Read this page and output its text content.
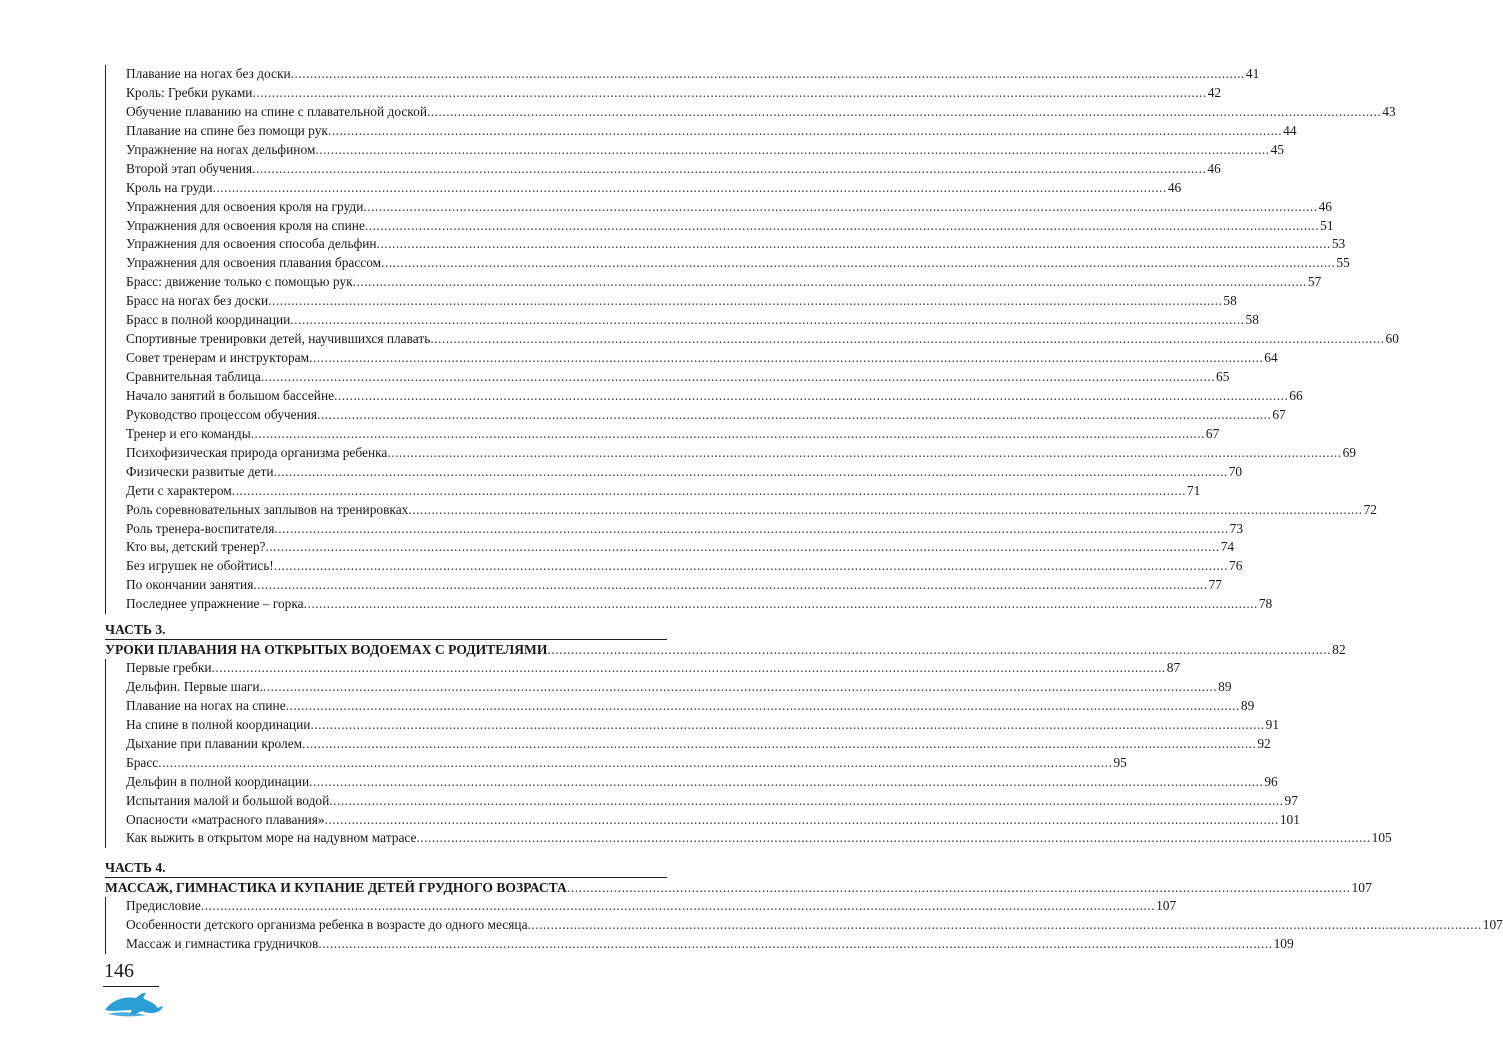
Плавание на ногах без доски .....	41
Кроль: Гребки руками .....	42
Обучение плаванию на спине с плавательной доской .....	43
Плавание на спине без помощи рук .....	44
Упражнение на ногах дельфином .....	45
Второй этап обучения .....	46
Кроль на груди .....	46
Упражнения для освоения кроля на груди .....	46
Упражнения для освоения кроля на спине .....	51
Упражнения для освоения способа дельфин .....	53
Упражнения для освоения плавания брассом .....	55
Брасс: движение только с помощью рук .....	57
Брасс на ногах без доски .....	58
Брасс в полной координации .....	58
Спортивные тренировки детей, научившихся плавать .....	60
Совет тренерам и инструкторам .....	64
Сравнительная таблица .....	65
Начало занятий в большом бассейне .....	66
Руководство процессом обучения .....	67
Тренер и его команды .....	67
Психофизическая природа организма ребенка .....	69
Физически развитые дети .....	70
Дети с характером .....	71
Роль соревновательных заплывов на тренировках .....	72
Роль тренера-воспитателя .....	73
Кто вы, детский тренер? .....	74
Без игрушек не обойтись! .....	76
По окончании занятия .....	77
Последнее упражнение – горка .....	78
ЧАСТЬ 3.
УРОКИ ПЛАВАНИЯ НА ОТКРЫТЫХ ВОДОЕМАХ С РОДИТЕЛЯМИ .....	82
Первые гребки .....	87
Дельфин. Первые шаги. .....	89
Плавание на ногах на спине .....	89
На спине в полной координации .....	91
Дыхание при плавании кролем .....	92
Брасс .....	95
Дельфин в полной координации .....	96
Испытания малой и большой водой .....	97
Опасности «матрасного плавания» .....	101
Как выжить в открытом море на надувном матрасе .....	105
ЧАСТЬ 4.
МАССАЖ, ГИМНАСТИКА И КУПАНИЕ ДЕТЕЙ ГРУДНОГО ВОЗРАСТА .....	107
Предисловие .....	107
Особенности детского организма ребенка в возрасте до одного месяца .....	107
Массаж и гимнастика грудничков .....	109
146
